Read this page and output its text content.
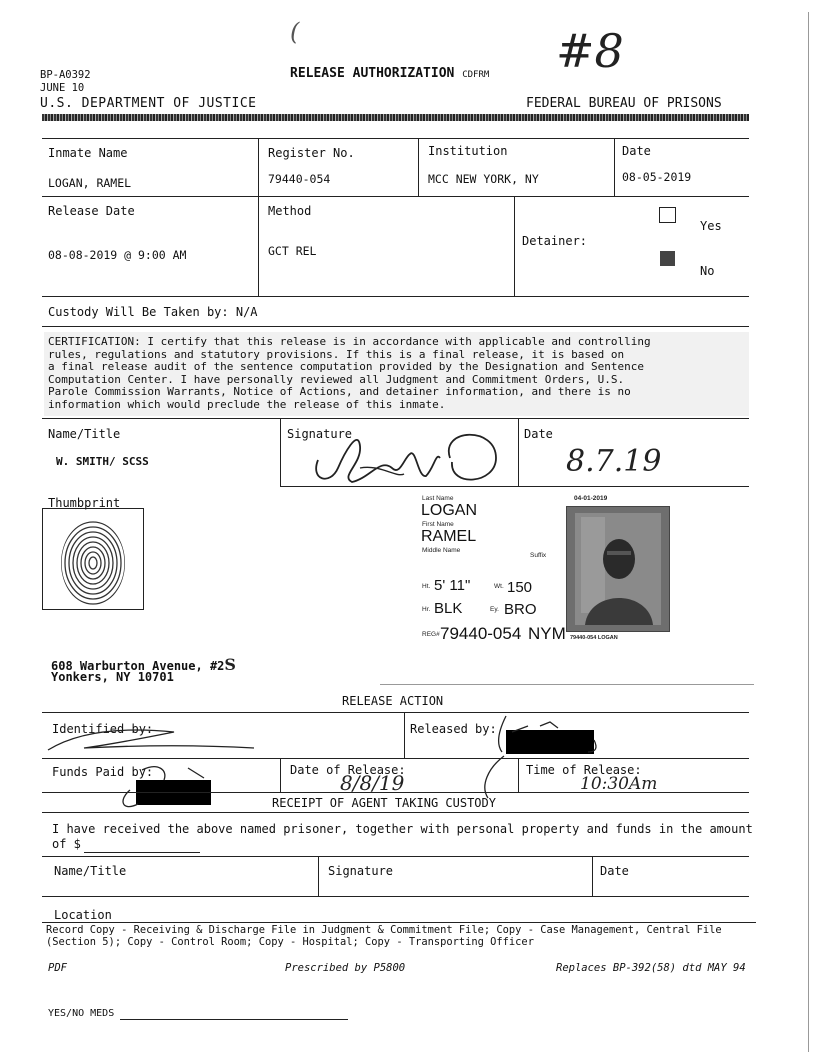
(	#8
BP-A0392
JUNE 10
RELEASE AUTHORIZATION CDFRM
U.S. DEPARTMENT OF JUSTICE	FEDERAL BUREAU OF PRISONS
Inmate Name
LOGAN, RAMEL
Register No.
79440-054
Institution
MCC NEW YORK, NY
Date
08-05-2019
Release Date
08-08-2019 @ 9:00 AM
Method
GCT REL
Detainer:
Yes
No
Custody Will Be Taken by: N/A
CERTIFICATION: I certify that this release is in accordance with applicable and controlling
rules, regulations and statutory provisions. If this is a final release, it is based on
a final release audit of the sentence computation provided by the Designation and Sentence
Computation Center. I have personally reviewed all Judgment and Commitment Orders, U.S.
Parole Commission Warrants, Notice of Actions, and detainer information, and there is no
information which would preclude the release of this inmate.
Name/Title
W. SMITH/ SCSS
Signature	Date
8.7.19
Thumbprint	Last Name
LOGAN
First Name
RAMEL
Middle Name
Suffix
04-01-2019
Ht. 5' 11"	Wt. 150
Hr. BLK	Ey. BRO
REG# 79440-054 NYM 79440-054 LOGAN
608 Warburton Avenue, #2S
Yonkers, NY 10701
RELEASE ACTION
Identified by:	Released by:
Funds Paid by:	Date of Release:
8/8/19
Time of Release:
10:30Am
RECEIPT OF AGENT TAKING CUSTODY
I have received the above named prisoner, together with personal property and funds in the amount
of $
Name/Title	Signature	Date
Location
Record Copy - Receiving & Discharge File in Judgment & Commitment File; Copy - Case Management, Central File
(Section 5); Copy - Control Room; Copy - Hospital; Copy - Transporting Officer
PDF	Prescribed by P5800	Replaces BP-392(58) dtd MAY 94
YES/NO MEDS
